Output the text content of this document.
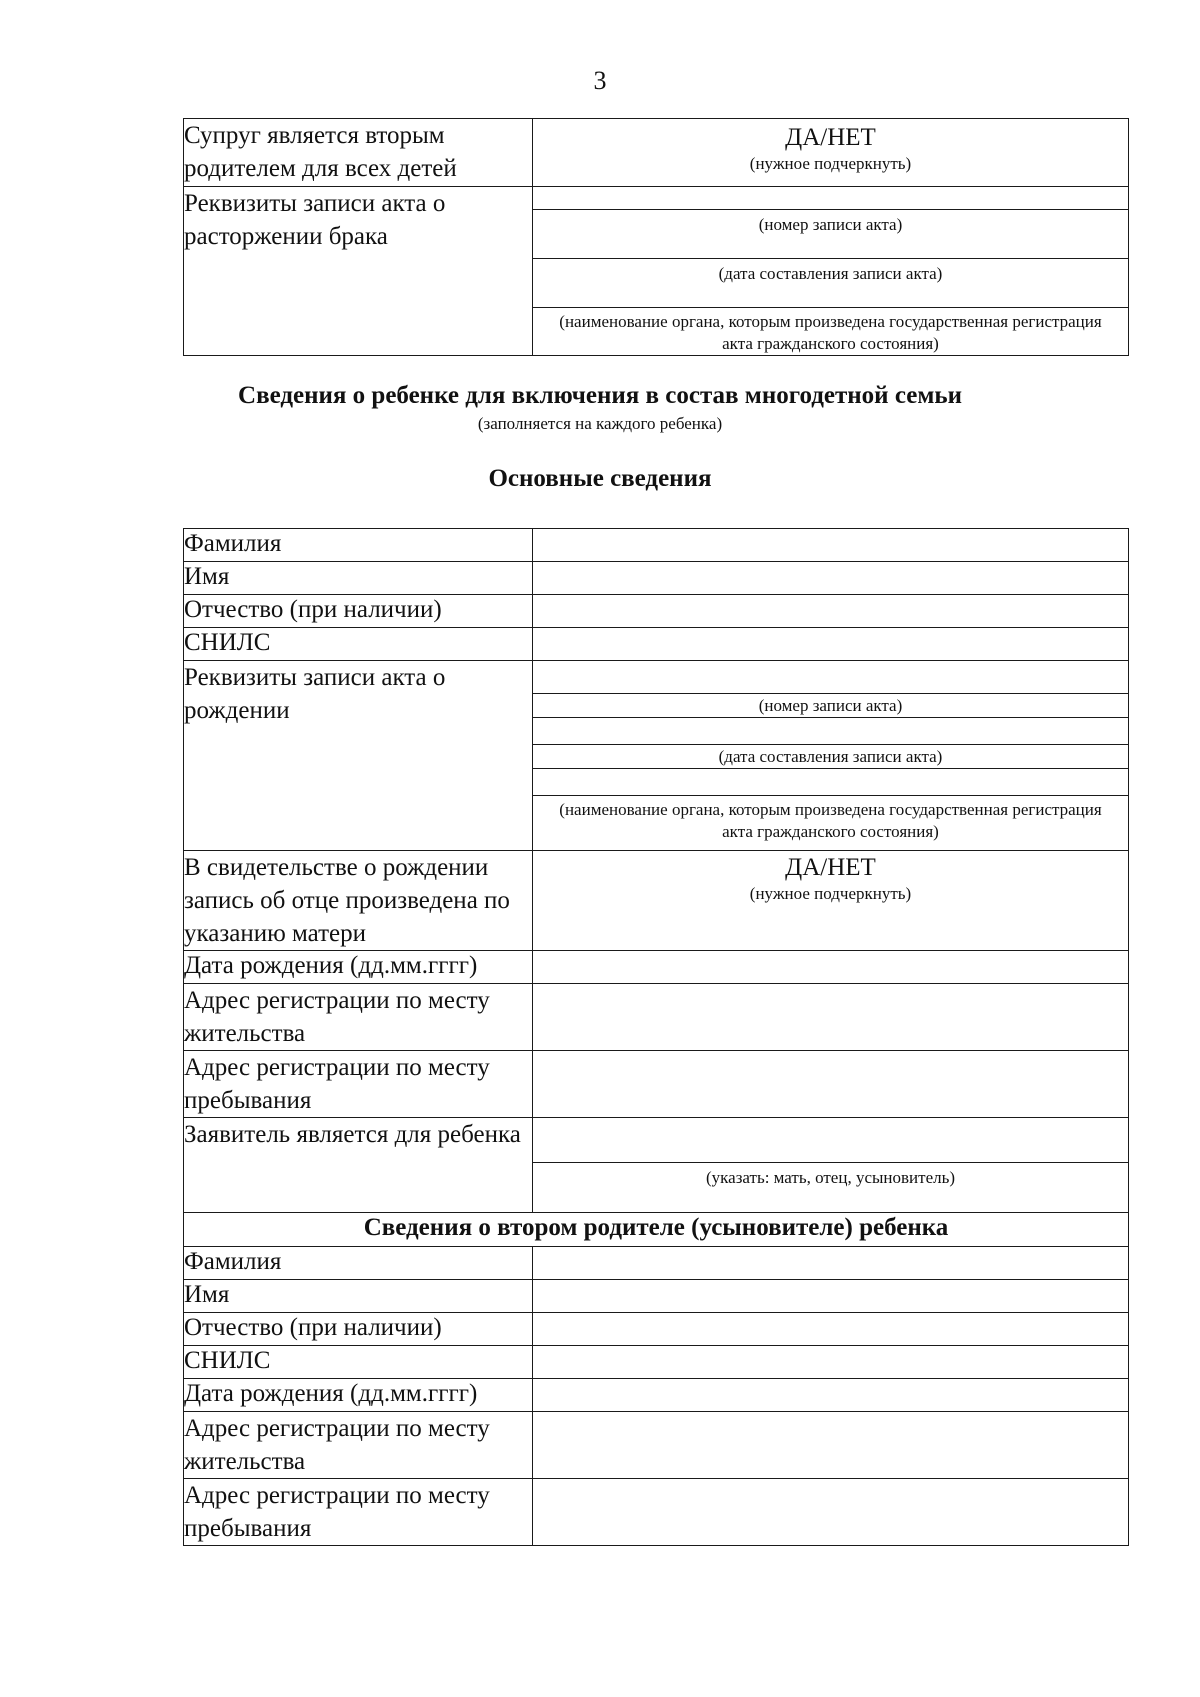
3
Супруг является вторым родителем для всех детей	ДА/НЕТ
(нужное подчеркнуть)

Реквизиты записи акта о расторжении брака	(номер записи акта)
(дата составления записи акта)
(наименование органа, которым произведена государственная регистрация акта гражданского состояния)
Сведения о ребенке для включения в состав многодетной семьи
(заполняется на каждого ребенка)
Основные сведения
Фамилия	
Имя	
Отчество (при наличии)	
СНИЛС	
Реквизиты записи акта о рождении	(номер записи акта)
(дата составления записи акта)
(наименование органа, которым произведена государственная регистрация акта гражданского состояния)

В свидетельстве о рождении запись об отце произведена по указанию матери	ДА/НЕТ
(нужное подчеркнуть)

Дата рождения (дд.мм.гггг)	
Адрес регистрации по месту жительства	
Адрес регистрации по месту пребывания	
Заявитель является для ребенка	(указать: мать, отец, усыновитель)

Сведения о втором родителе (усыновителе) ребенка	
Фамилия	
Имя	
Отчество (при наличии)	
СНИЛС	
Дата рождения (дд.мм.гггг)	
Адрес регистрации по месту жительства	
Адрес регистрации по месту пребывания	
